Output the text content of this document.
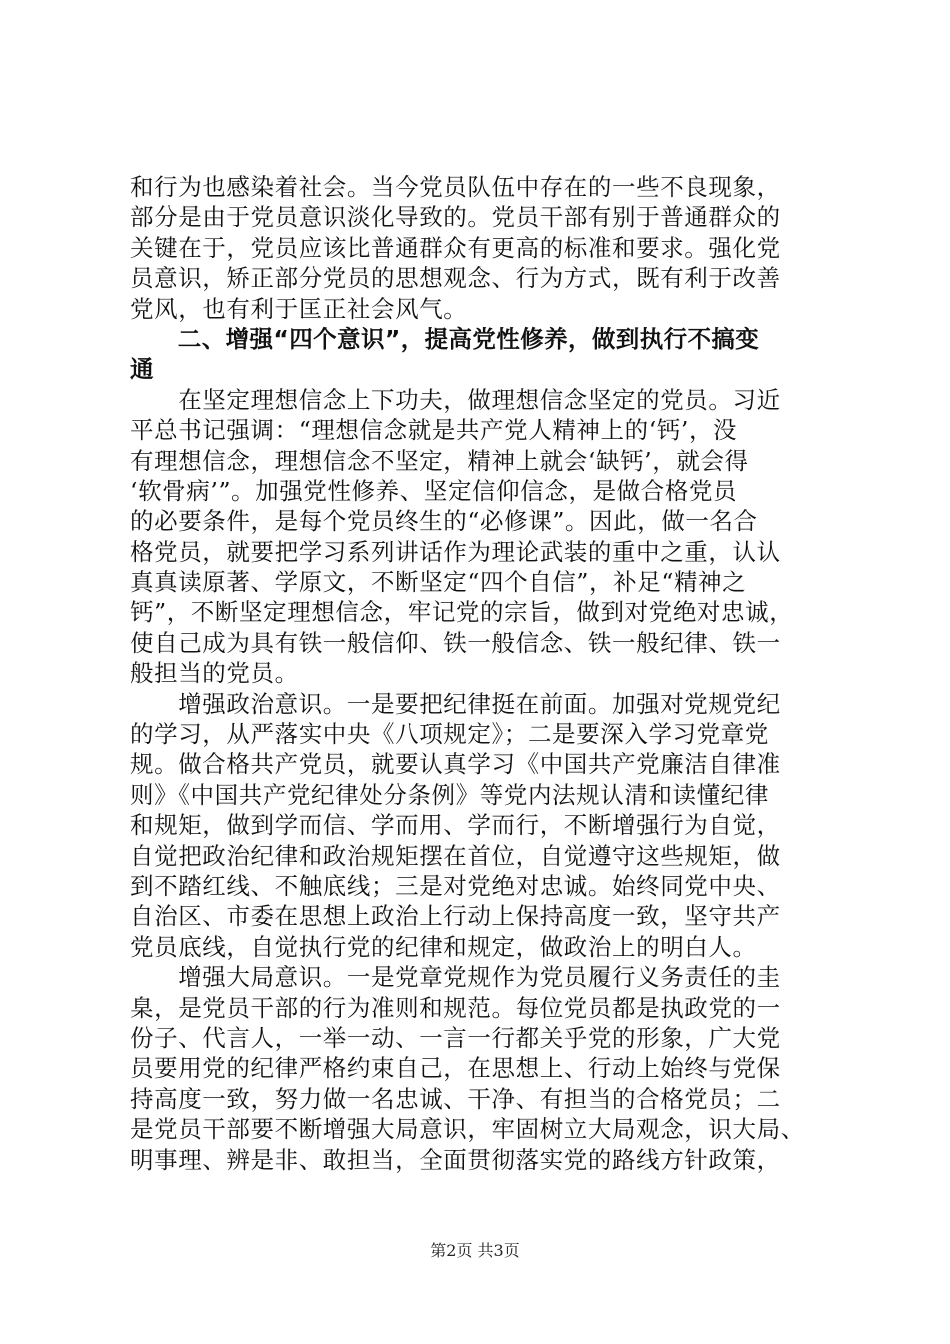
和行为也感染着社会。当今党员队伍中存在的一些不良现象，
部分是由于党员意识淡化导致的。党员干部有别于普通群众的
关键在于，党员应该比普通群众有更高的标准和要求。强化党
员意识，矫正部分党员的思想观念、行为方式，既有利于改善
党风，也有利于匡正社会风气。
　　二、增强“四个意识”，提高党性修养，做到执行不搞变
通
　　在坚定理想信念上下功夫，做理想信念坚定的党员。习近
平总书记强调：“理想信念就是共产党人精神上的‘钙’，没
有理想信念，理想信念不坚定，精神上就会‘缺钙’，就会得
‘软骨病’”。加强党性修养、坚定信仰信念，是做合格党员
的必要条件，是每个党员终生的“必修课”。因此，做一名合
格党员，就要把学习系列讲话作为理论武装的重中之重，认认
真真读原著、学原文，不断坚定“四个自信”，补足“精神之
钙”，不断坚定理想信念，牢记党的宗旨，做到对党绝对忠诚，
使自己成为具有铁一般信仰、铁一般信念、铁一般纪律、铁一
般担当的党员。
　　增强政治意识。一是要把纪律挺在前面。加强对党规党纪
的学习，从严落实中央《八项规定》；二是要深入学习党章党
规。做合格共产党员，就要认真学习《中国共产党廉洁自律准
则》《中国共产党纪律处分条例》等党内法规认清和读懂纪律
和规矩，做到学而信、学而用、学而行，不断增强行为自觉，
自觉把政治纪律和政治规矩摆在首位，自觉遵守这些规矩，做
到不踏红线、不触底线；三是对党绝对忠诚。始终同党中央、
自治区、市委在思想上政治上行动上保持高度一致，坚守共产
党员底线，自觉执行党的纪律和规定，做政治上的明白人。
　　增强大局意识。一是党章党规作为党员履行义务责任的圭
臬，是党员干部的行为准则和规范。每位党员都是执政党的一
份子、代言人，一举一动、一言一行都关乎党的形象，广大党
员要用党的纪律严格约束自己，在思想上、行动上始终与党保
持高度一致，努力做一名忠诚、干净、有担当的合格党员；二
是党员干部要不断增强大局意识，牢固树立大局观念，识大局、
明事理、辨是非、敢担当，全面贯彻落实党的路线方针政策，
第2页 共3页
